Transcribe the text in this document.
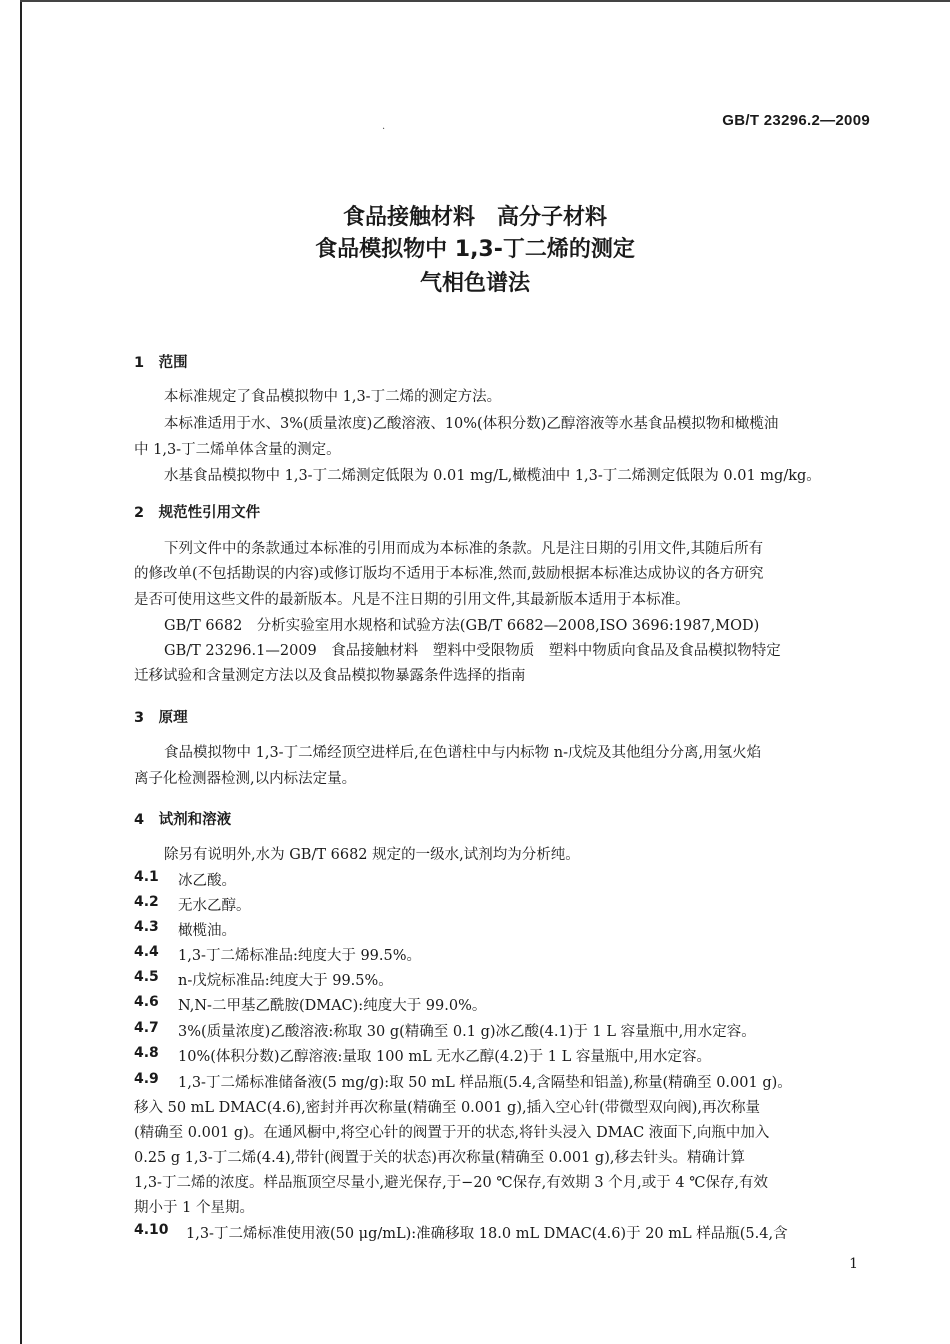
·
GB/T 23296.2—2009
食品接触材料　高分子材料
食品模拟物中 1,3-丁二烯的测定
气相色谱法
1　范围
本标准规定了食品模拟物中 1,3-丁二烯的测定方法。
本标准适用于水、3%(质量浓度)乙酸溶液、10%(体积分数)乙醇溶液等水基食品模拟物和橄榄油
中 1,3-丁二烯单体含量的测定。
水基食品模拟物中 1,3-丁二烯测定低限为 0.01 mg/L,橄榄油中 1,3-丁二烯测定低限为 0.01 mg/kg。
2　规范性引用文件
下列文件中的条款通过本标准的引用而成为本标准的条款。凡是注日期的引用文件,其随后所有
的修改单(不包括勘误的内容)或修订版均不适用于本标准,然而,鼓励根据本标准达成协议的各方研究
是否可使用这些文件的最新版本。凡是不注日期的引用文件,其最新版本适用于本标准。
GB/T 6682　分析实验室用水规格和试验方法(GB/T 6682—2008,ISO 3696:1987,MOD)
GB/T 23296.1—2009　食品接触材料　塑料中受限物质　塑料中物质向食品及食品模拟物特定
迁移试验和含量测定方法以及食品模拟物暴露条件选择的指南
3　原理
食品模拟物中 1,3-丁二烯经顶空进样后,在色谱柱中与内标物 n-戊烷及其他组分分离,用氢火焰
离子化检测器检测,以内标法定量。
4　试剂和溶液
除另有说明外,水为 GB/T 6682 规定的一级水,试剂均为分析纯。
4.1 冰乙酸。
4.2 无水乙醇。
4.3 橄榄油。
4.4 1,3-丁二烯标准品:纯度大于 99.5%。
4.5 n-戊烷标准品:纯度大于 99.5%。
4.6 N,N-二甲基乙酰胺(DMAC):纯度大于 99.0%。
4.7 3%(质量浓度)乙酸溶液:称取 30 g(精确至 0.1 g)冰乙酸(4.1)于 1 L 容量瓶中,用水定容。
4.8 10%(体积分数)乙醇溶液:量取 100 mL 无水乙醇(4.2)于 1 L 容量瓶中,用水定容。
4.9 1,3-丁二烯标准储备液(5 mg/g):取 50 mL 样品瓶(5.4,含隔垫和铝盖),称量(精确至 0.001 g)。
移入 50 mL DMAC(4.6),密封并再次称量(精确至 0.001 g),插入空心针(带微型双向阀),再次称量
(精确至 0.001 g)。在通风橱中,将空心针的阀置于开的状态,将针头浸入 DMAC 液面下,向瓶中加入
0.25 g 1,3-丁二烯(4.4),带针(阀置于关的状态)再次称量(精确至 0.001 g),移去针头。精确计算
1,3-丁二烯的浓度。样品瓶顶空尽量小,避光保存,于−20 ℃保存,有效期 3 个月,或于 4 ℃保存,有效
期小于 1 个星期。
4.10 1,3-丁二烯标准使用液(50 μg/mL):准确移取 18.0 mL DMAC(4.6)于 20 mL 样品瓶(5.4,含
1
